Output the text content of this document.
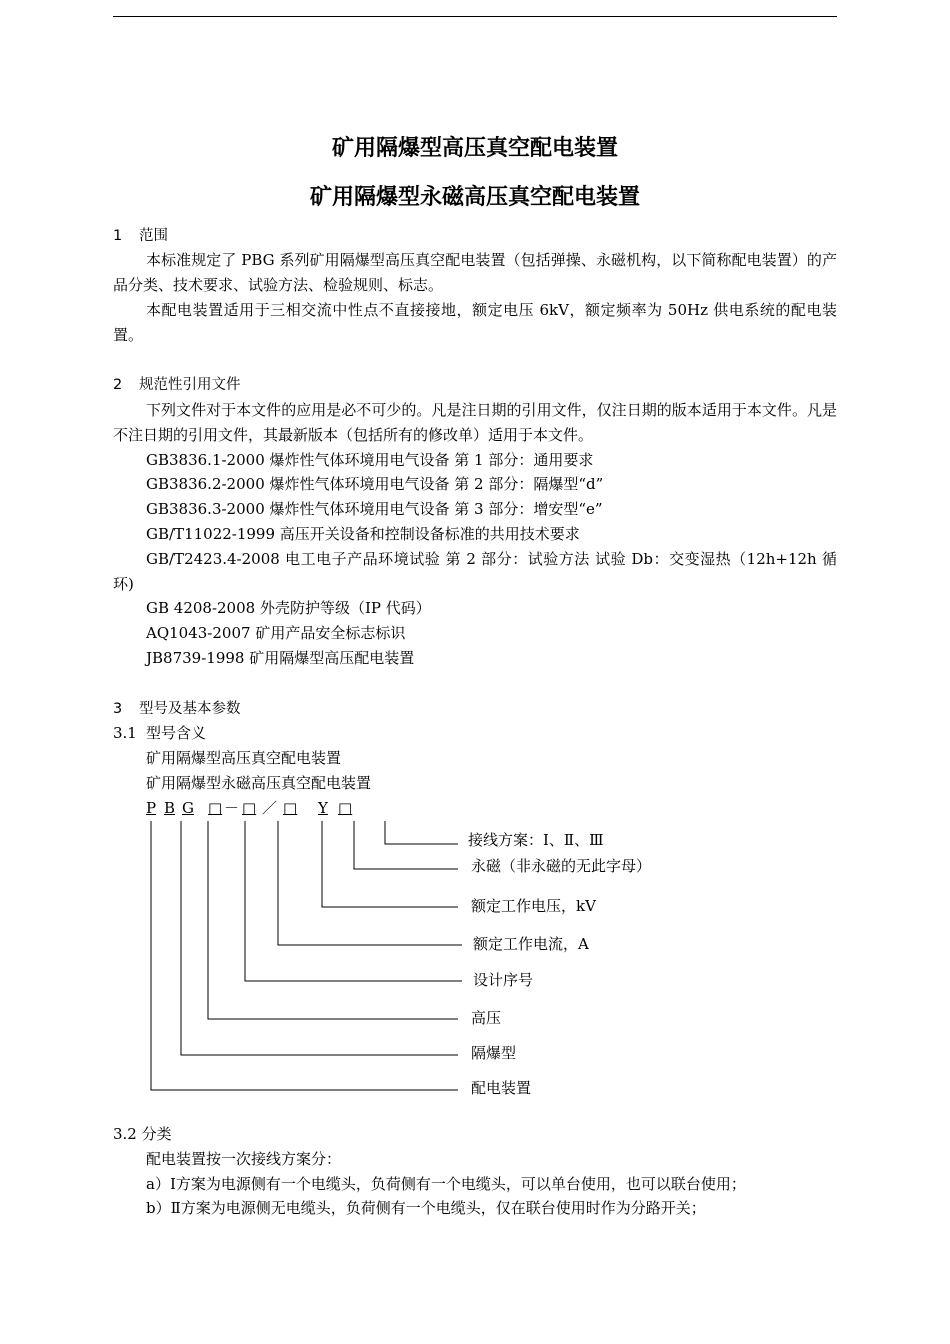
矿用隔爆型高压真空配电装置
矿用隔爆型永磁高压真空配电装置
1 范围
本标准规定了 PBG 系列矿用隔爆型高压真空配电装置（包括弹操、永磁机构，以下简称配电装置）的产品分类、技术要求、试验方法、检验规则、标志。
本配电装置适用于三相交流中性点不直接接地，额定电压 6kV，额定频率为 50Hz 供电系统的配电装置。
2 规范性引用文件
下列文件对于本文件的应用是必不可少的。凡是注日期的引用文件，仅注日期的版本适用于本文件。凡是不注日期的引用文件，其最新版本（包括所有的修改单）适用于本文件。
GB3836.1-2000 爆炸性气体环境用电气设备 第 1 部分：通用要求
GB3836.2-2000 爆炸性气体环境用电气设备 第 2 部分：隔爆型“d”
GB3836.3-2000 爆炸性气体环境用电气设备 第 3 部分：增安型“e”
GB/T11022-1999 高压开关设备和控制设备标准的共用技术要求
GB/T2423.4-2008 电工电子产品环境试验 第 2 部分：试验方法 试验 Db：交变湿热（12h+12h 循环)
GB 4208-2008 外壳防护等级（IP 代码）
AQ1043-2007 矿用产品安全标志标识
JB8739-1998 矿用隔爆型高压配电装置
3 型号及基本参数
3.1 型号含义
矿用隔爆型高压真空配电装置
矿用隔爆型永磁高压真空配电装置
P B G □ － □ ／ □ Y □
接线方案：Ⅰ、Ⅱ、Ⅲ
永磁（非永磁的无此字母）
额定工作电压，kV
额定工作电流，A
设计序号
高压
隔爆型
配电装置
3.2 分类
配电装置按一次接线方案分：
a）Ⅰ方案为电源侧有一个电缆头，负荷侧有一个电缆头，可以单台使用，也可以联台使用；
b）Ⅱ方案为电源侧无电缆头，负荷侧有一个电缆头，仅在联台使用时作为分路开关；
